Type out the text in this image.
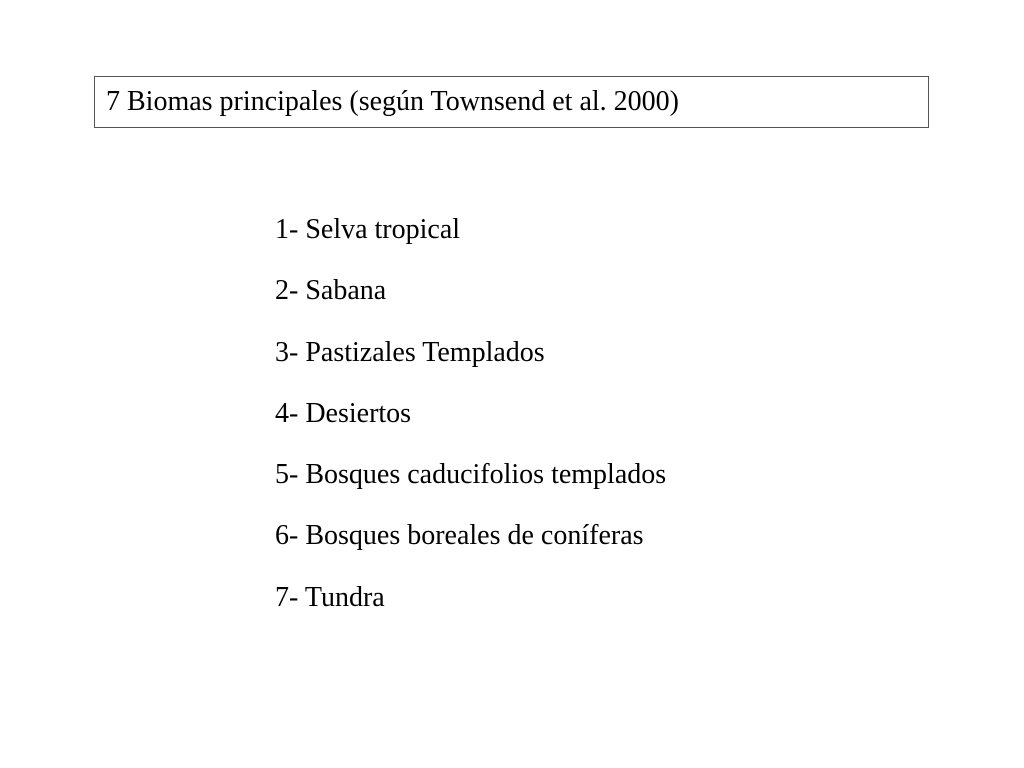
7 Biomas principales (según Townsend et al. 2000)
1- Selva tropical
2- Sabana
3- Pastizales Templados
4- Desiertos
5- Bosques caducifolios templados
6- Bosques boreales de coníferas
7- Tundra
